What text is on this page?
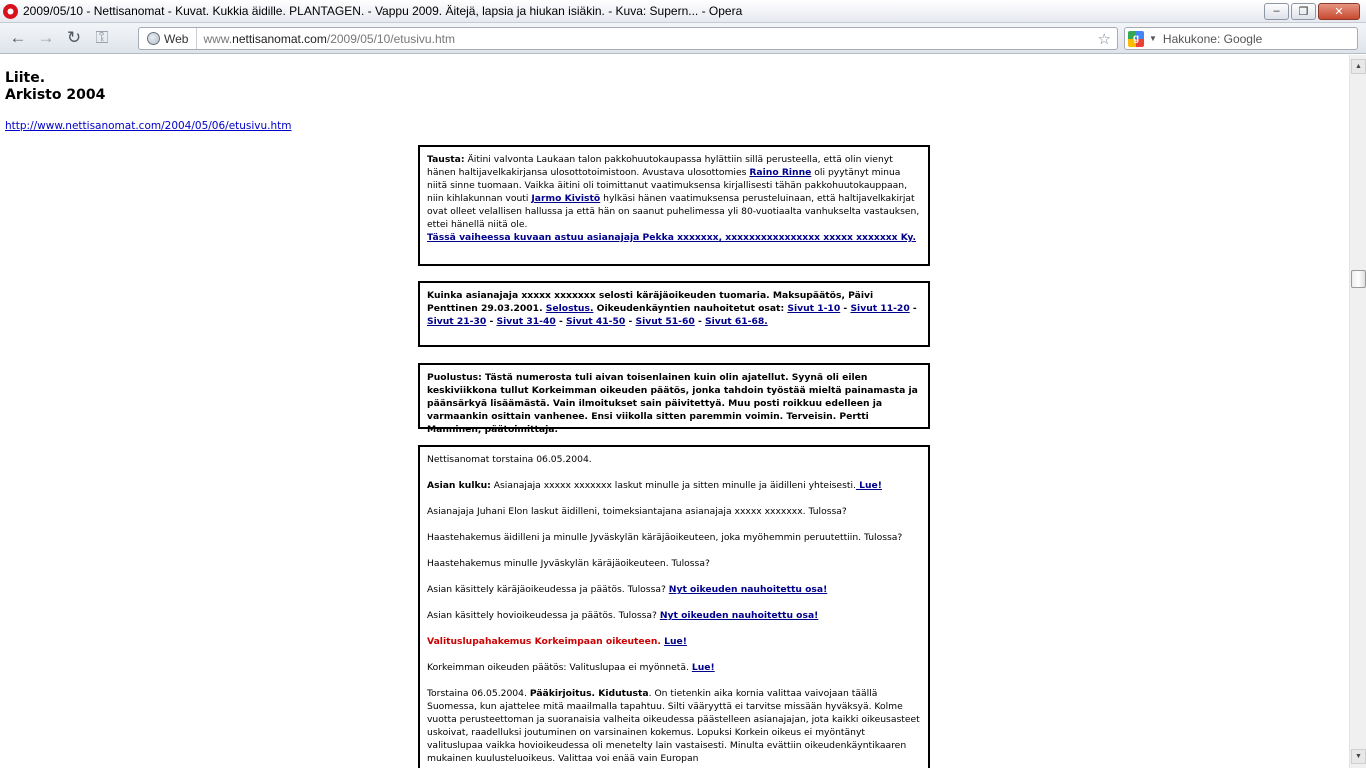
2009/05/10 - Nettisanomat - Kuvat. Kukkia äidille. PLANTAGEN. - Vappu 2009. Äitejä, lapsia ja hiukan isiäkin. - Kuva: Supern... - Opera	–	❐	✕
← → ↻ ⚿	Web	www.nettisanomat.com/2009/05/10/etusivu.htm	☆	g	▼ Hakukone: Google
Liite.
Arkisto 2004
http://www.nettisanomat.com/2004/05/06/etusivu.htm

Tausta: Äitini valvonta Laukaan talon pakkohuutokaupassa hylättiin sillä perusteella, että olin vienyt hänen haltijavelkakirjansa ulosottotoimistoon. Avustava ulosottomies Raino Rinne oli pyytänyt minua niitä sinne tuomaan. Vaikka äitini oli toimittanut vaatimuksensa kirjallisesti tähän pakkohuutokauppaan, niin kihlakunnan vouti Jarmo Kivistö hylkäsi hänen vaatimuksensa perusteluinaan, että haltijavelkakirjat ovat olleet velallisen hallussa ja että hän on saanut puhelimessa yli 80-vuotiaalta vanhukselta vastauksen, ettei hänellä niitä ole.

Tässä vaiheessa kuvaan astuu asianajaja Pekka xxxxxxx, xxxxxxxxxxxxxxxx xxxxx xxxxxxx Ky.

Kuinka asianajaja xxxxx xxxxxxx selosti käräjäoikeuden tuomaria. Maksupäätös, Päivi Penttinen 29.03.2001. Selostus. Oikeudenkäyntien nauhoitetut osat: Sivut 1-10 - Sivut 11-20 - Sivut 21-30 - Sivut 31-40 - Sivut 41-50 - Sivut 51-60 - Sivut 61-68.

Puolustus: Tästä numerosta tuli aivan toisenlainen kuin olin ajatellut. Syynä oli eilen keskiviikkona tullut Korkeimman oikeuden päätös, jonka tahdoin työstää mieltä painamasta ja päänsärkyä lisäämästä. Vain ilmoitukset sain päivitettyä. Muu posti roikkuu edelleen ja varmaankin osittain vanhenee. Ensi viikolla sitten paremmin voimin. Terveisin. Pertti Manninen, päätoimittaja.

Nettisanomat torstaina 06.05.2004.

Asian kulku: Asianajaja xxxxx xxxxxxx laskut minulle ja sitten minulle ja äidilleni yhteisesti. Lue!

Asianajaja Juhani Elon laskut äidilleni, toimeksiantajana asianajaja xxxxx xxxxxxx. Tulossa?

Haastehakemus äidilleni ja minulle Jyväskylän käräjäoikeuteen, joka myöhemmin peruutettiin. Tulossa?

Haastehakemus minulle Jyväskylän käräjäoikeuteen. Tulossa?

Asian käsittely käräjäoikeudessa ja päätös. Tulossa? Nyt oikeuden nauhoitettu osa!

Asian käsittely hovioikeudessa ja päätös. Tulossa? Nyt oikeuden nauhoitettu osa!

Valituslupahakemus Korkeimpaan oikeuteen. Lue!

Korkeimman oikeuden päätös: Valituslupaa ei myönnetä. Lue!

Torstaina 06.05.2004. Pääkirjoitus. Kidutusta. On tietenkin aika kornia valittaa vaivojaan täällä Suomessa, kun ajattelee mitä maailmalla tapahtuu. Silti vääryyttä ei tarvitse missään hyväksyä. Kolme vuotta perusteettoman ja suoranaisia valheita oikeudessa päästelleen asianajajan, jota kaikki oikeusasteet uskoivat, raadelluksi joutuminen on varsinainen kokemus. Lopuksi Korkein oikeus ei myöntänyt valituslupaa vaikka hovioikeudessa oli menetelty lain vastaisesti. Minulta evättiin oikeudenkäyntikaaren mukainen kuulusteluoikeus. Valittaa voi enää vain Europan

▲
▼
